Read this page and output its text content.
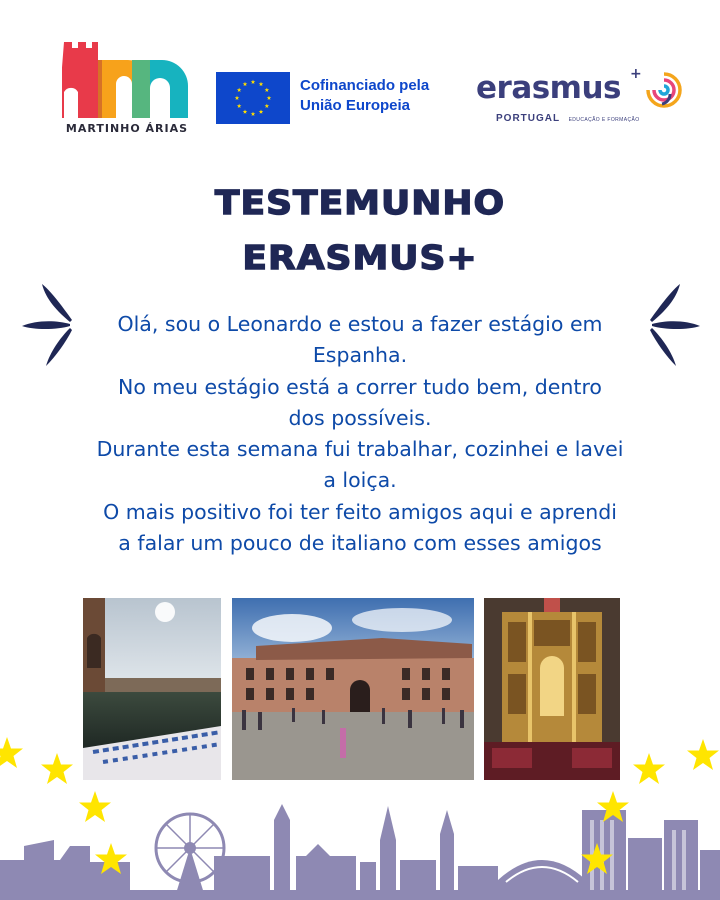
MARTINHO ÁRIAS

Cofinanciado pela
União Europeia	erasmus +

PORTUGAL EDUCAÇÃO E FORMAÇÃO

TESTEMUNHO
ERASMUS+

Olá, sou o Leonardo e estou a fazer estágio em
Espanha.
No meu estágio está a correr tudo bem, dentro
dos possíveis.
Durante esta semana fui trabalhar, cozinhei e lavei
a loiça.
O mais positivo foi ter feito amigos aqui e aprendi
a falar um pouco de italiano com esses amigos
